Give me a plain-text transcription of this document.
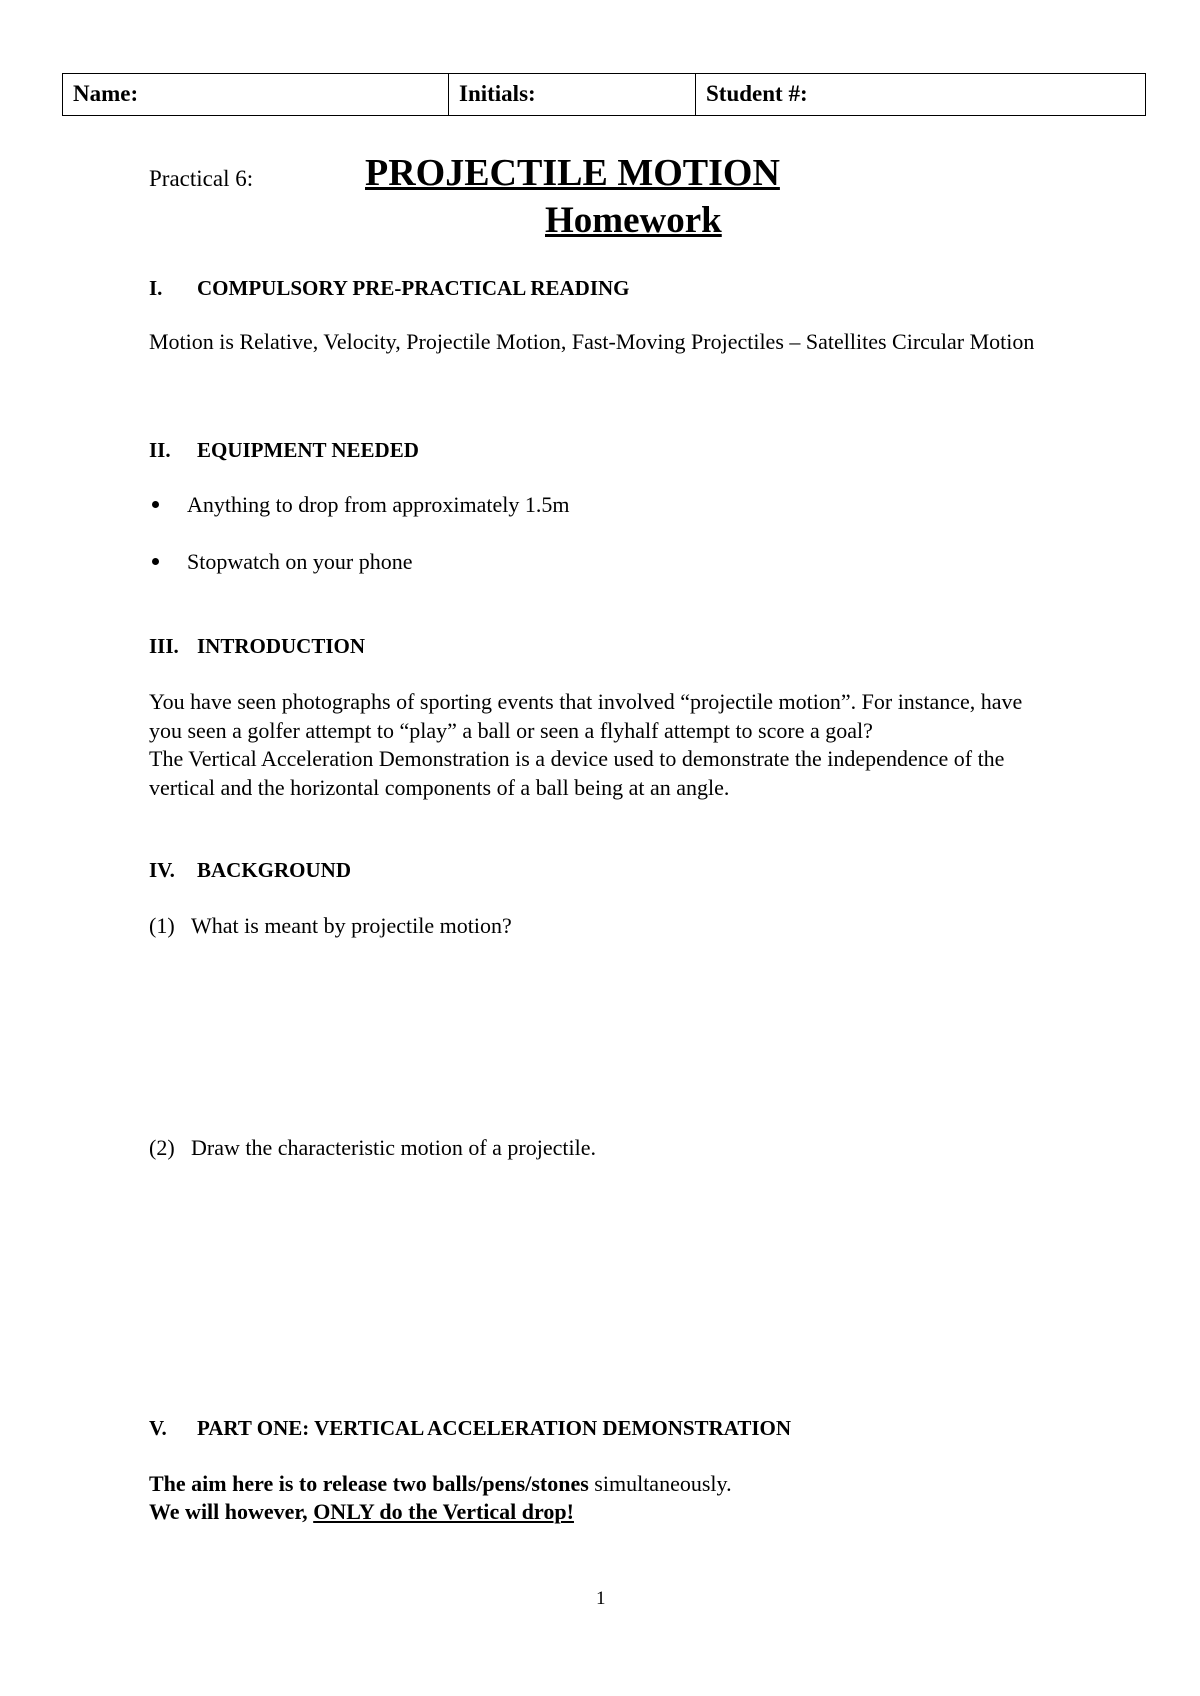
Name:	Initials:	Student #:
Practical 6:	PROJECTILE MOTION
Homework
I.	COMPULSORY PRE-PRACTICAL READING
Motion is Relative, Velocity, Projectile Motion, Fast-Moving Projectiles – Satellites Circular Motion
II.	EQUIPMENT NEEDED
Anything to drop from approximately 1.5m
Stopwatch on your phone
III. INTRODUCTION
You have seen photographs of sporting events that involved “projectile motion”. For instance, have
you seen a golfer attempt to “play” a ball or seen a flyhalf attempt to score a goal?
The Vertical Acceleration Demonstration is a device used to demonstrate the independence of the
vertical and the horizontal components of a ball being at an angle.
IV.	BACKGROUND
(1) What is meant by projectile motion?
(2) Draw the characteristic motion of a projectile.
V.	PART ONE: VERTICAL ACCELERATION DEMONSTRATION
The aim here is to release two balls/pens/stones simultaneously.
We will however, ONLY do the Vertical drop!
1
